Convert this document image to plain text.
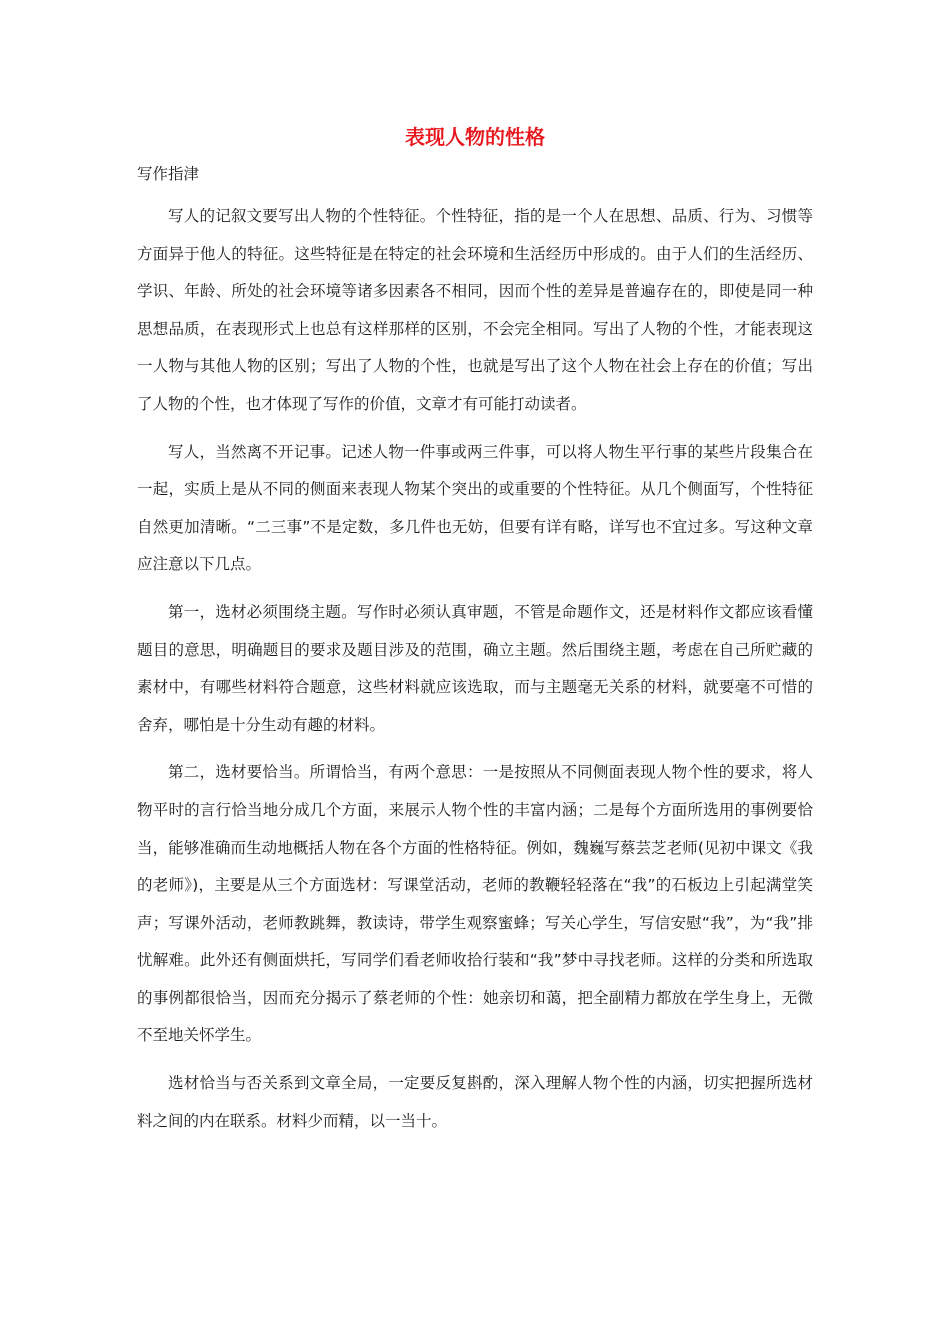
表现人物的性格

写作指津

写人的记叙文要写出人物的个性特征。个性特征，指的是一个人在思想、品质、行为、习惯等方面异于他人的特征。这些特征是在特定的社会环境和生活经历中形成的。由于人们的生活经历、学识、年龄、所处的社会环境等诸多因素各不相同，因而个性的差异是普遍存在的，即使是同一种思想品质，在表现形式上也总有这样那样的区别，不会完全相同。写出了人物的个性，才能表现这一人物与其他人物的区别；写出了人物的个性，也就是写出了这个人物在社会上存在的价值；写出了人物的个性，也才体现了写作的价值，文章才有可能打动读者。

写人，当然离不开记事。记述人物一件事或两三件事，可以将人物生平行事的某些片段集合在一起，实质上是从不同的侧面来表现人物某个突出的或重要的个性特征。从几个侧面写，个性特征自然更加清晰。“二三事”不是定数，多几件也无妨，但要有详有略，详写也不宜过多。写这种文章应注意以下几点。

第一，选材必须围绕主题。写作时必须认真审题，不管是命题作文，还是材料作文都应该看懂题目的意思，明确题目的要求及题目涉及的范围，确立主题。然后围绕主题，考虑在自己所贮藏的素材中，有哪些材料符合题意，这些材料就应该选取，而与主题毫无关系的材料，就要毫不可惜的舍弃，哪怕是十分生动有趣的材料。

第二，选材要恰当。所谓恰当，有两个意思：一是按照从不同侧面表现人物个性的要求，将人物平时的言行恰当地分成几个方面，来展示人物个性的丰富内涵；二是每个方面所选用的事例要恰当，能够准确而生动地概括人物在各个方面的性格特征。例如，魏巍写蔡芸芝老师(见初中课文《我的老师》)，主要是从三个方面选材：写课堂活动，老师的教鞭轻轻落在“我”的石板边上引起满堂笑声；写课外活动，老师教跳舞，教读诗，带学生观察蜜蜂；写关心学生，写信安慰“我”，为“我”排忧解难。此外还有侧面烘托，写同学们看老师收拾行装和“我”梦中寻找老师。这样的分类和所选取的事例都很恰当，因而充分揭示了蔡老师的个性：她亲切和蔼，把全副精力都放在学生身上，无微不至地关怀学生。

选材恰当与否关系到文章全局，一定要反复斟酌，深入理解人物个性的内涵，切实把握所选材料之间的内在联系。材料少而精，以一当十。
